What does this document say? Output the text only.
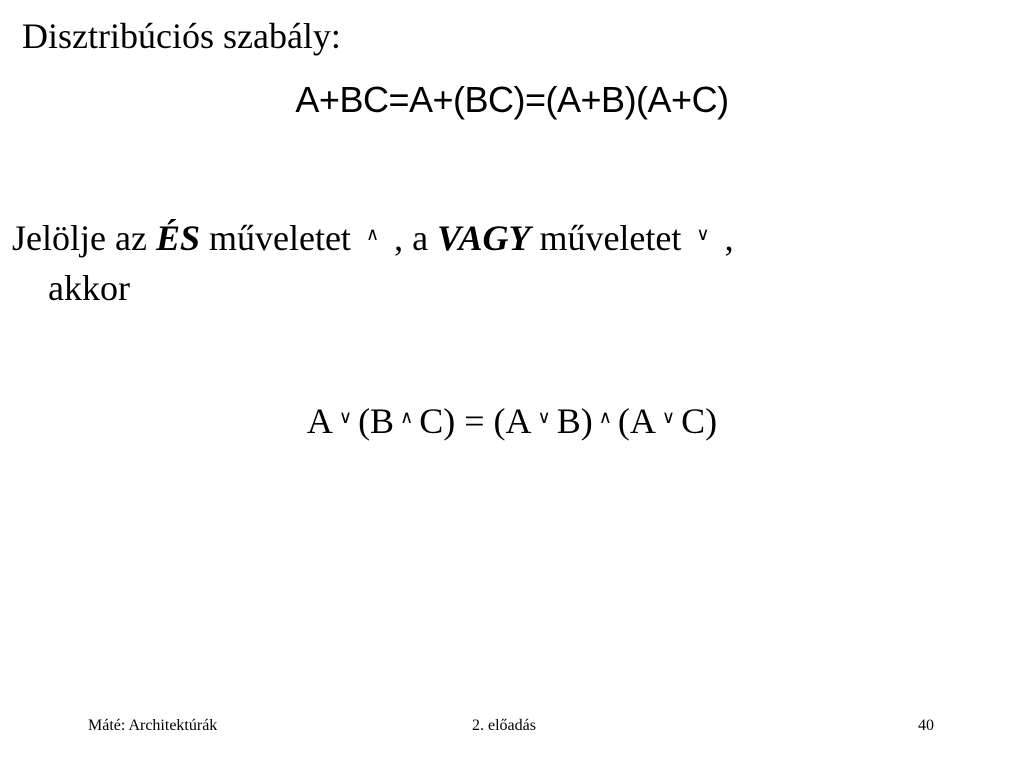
Disztribúciós szabály:
A+BC=A+(BC)=(A+B)(A+C)
Jelölje az ÉS műveletet ∧ , a VAGY műveletet ∨ ,
akkor
A ∨ (B ∧ C) = (A ∨ B) ∧ (A ∨ C)
Máté: Architektúrák	2. előadás	40
